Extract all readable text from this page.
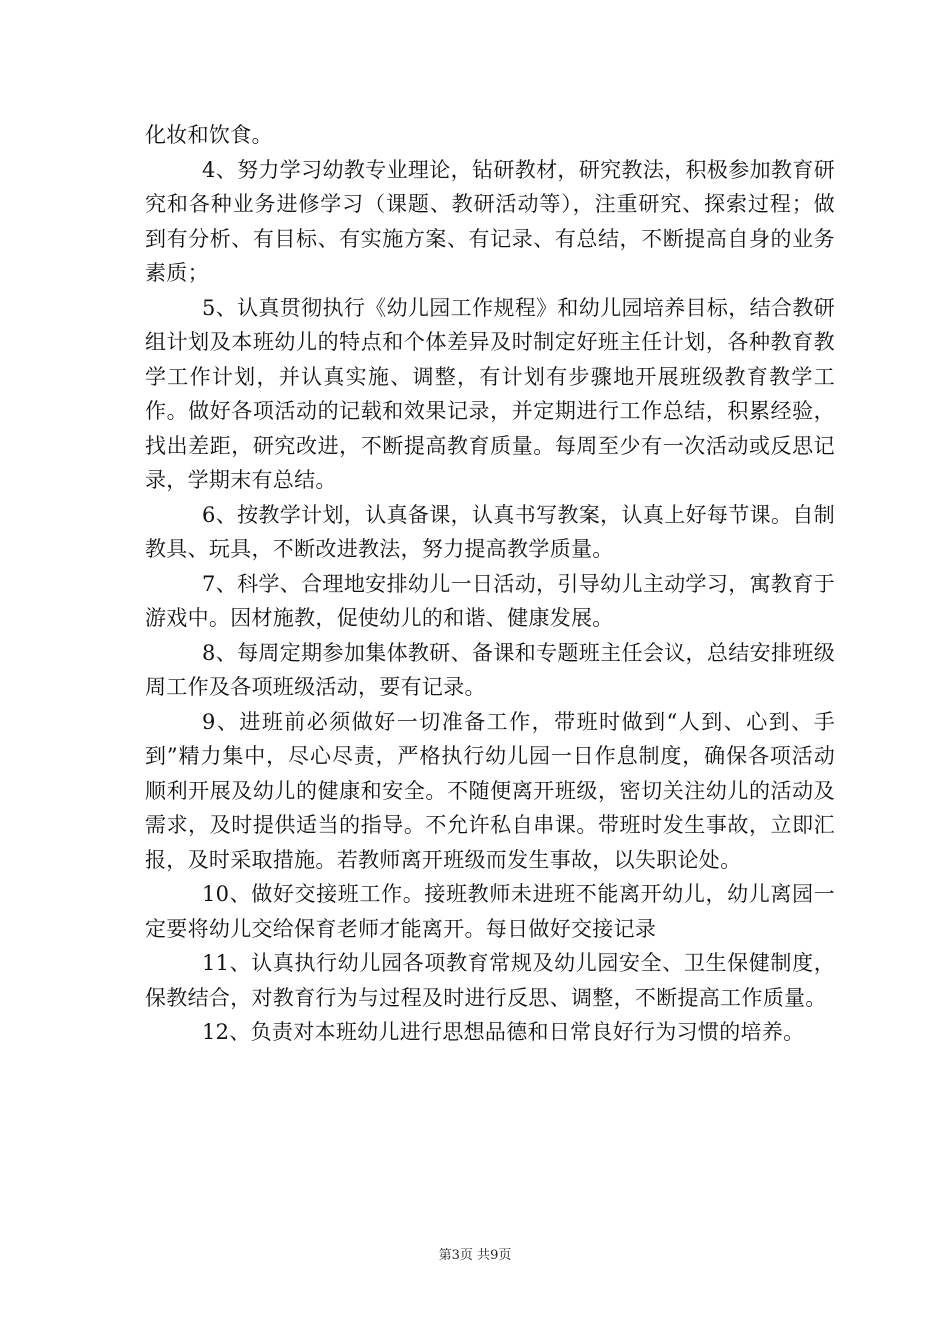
化妆和饮食。

4、努力学习幼教专业理论，钻研教材，研究教法，积极参加教育研究和各种业务进修学习（课题、教研活动等），注重研究、探索过程；做到有分析、有目标、有实施方案、有记录、有总结，不断提高自身的业务素质；

5、认真贯彻执行《幼儿园工作规程》和幼儿园培养目标，结合教研组计划及本班幼儿的特点和个体差异及时制定好班主任计划，各种教育教学工作计划，并认真实施、调整，有计划有步骤地开展班级教育教学工作。做好各项活动的记载和效果记录，并定期进行工作总结，积累经验，找出差距，研究改进，不断提高教育质量。每周至少有一次活动或反思记录，学期末有总结。

6、按教学计划，认真备课，认真书写教案，认真上好每节课。自制教具、玩具，不断改进教法，努力提高教学质量。

7、科学、合理地安排幼儿一日活动，引导幼儿主动学习，寓教育于游戏中。因材施教，促使幼儿的和谐、健康发展。

8、每周定期参加集体教研、备课和专题班主任会议，总结安排班级周工作及各项班级活动，要有记录。

9、进班前必须做好一切准备工作，带班时做到“人到、心到、手到”精力集中，尽心尽责，严格执行幼儿园一日作息制度，确保各项活动顺利开展及幼儿的健康和安全。不随便离开班级，密切关注幼儿的活动及需求，及时提供适当的指导。不允许私自串课。带班时发生事故，立即汇报，及时采取措施。若教师离开班级而发生事故，以失职论处。

10、做好交接班工作。接班教师未进班不能离开幼儿，幼儿离园一定要将幼儿交给保育老师才能离开。每日做好交接记录

11、认真执行幼儿园各项教育常规及幼儿园安全、卫生保健制度，保教结合，对教育行为与过程及时进行反思、调整，不断提高工作质量。

12、负责对本班幼儿进行思想品德和日常良好行为习惯的培养。

第3页 共9页
